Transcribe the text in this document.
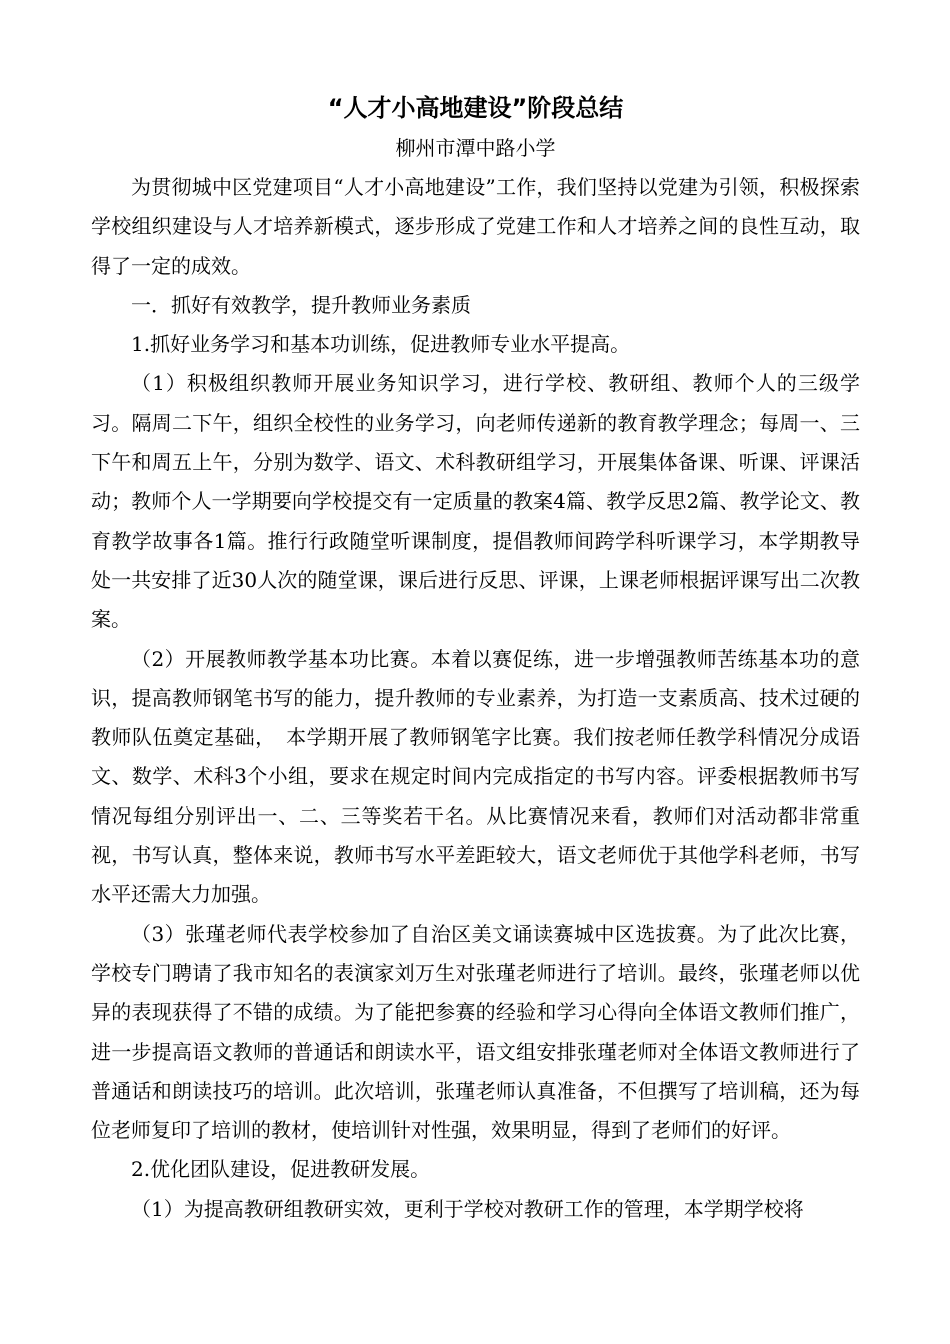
“人才小高地建设”阶段总结

柳州市潭中路小学

为贯彻城中区党建项目“人才小高地建设”工作，我们坚持以党建为引领，积极探索学校组织建设与人才培养新模式，逐步形成了党建工作和人才培养之间的良性互动，取得了一定的成效。

一．抓好有效教学，提升教师业务素质

1.抓好业务学习和基本功训练，促进教师专业水平提高。

（1）积极组织教师开展业务知识学习，进行学校、教研组、教师个人的三级学习。隔周二下午，组织全校性的业务学习，向老师传递新的教育教学理念；每周一、三下午和周五上午，分别为数学、语文、术科教研组学习，开展集体备课、听课、评课活动；教师个人一学期要向学校提交有一定质量的教案4篇、教学反思2篇、教学论文、教育教学故事各1篇。推行行政随堂听课制度，提倡教师间跨学科听课学习，本学期教导处一共安排了近30人次的随堂课，课后进行反思、评课，上课老师根据评课写出二次教案。

（2）开展教师教学基本功比赛。本着以赛促练，进一步增强教师苦练基本功的意识，提高教师钢笔书写的能力，提升教师的专业素养，为打造一支素质高、技术过硬的教师队伍奠定基础，　本学期开展了教师钢笔字比赛。我们按老师任教学科情况分成语文、数学、术科3个小组，要求在规定时间内完成指定的书写内容。评委根据教师书写情况每组分别评出一、二、三等奖若干名。从比赛情况来看，教师们对活动都非常重视，书写认真，整体来说，教师书写水平差距较大，语文老师优于其他学科老师，书写水平还需大力加强。

（3）张瑾老师代表学校参加了自治区美文诵读赛城中区选拔赛。为了此次比赛，学校专门聘请了我市知名的表演家刘万生对张瑾老师进行了培训。最终，张瑾老师以优异的表现获得了不错的成绩。为了能把参赛的经验和学习心得向全体语文教师们推广，进一步提高语文教师的普通话和朗读水平，语文组安排张瑾老师对全体语文教师进行了普通话和朗读技巧的培训。此次培训，张瑾老师认真准备，不但撰写了培训稿，还为每位老师复印了培训的教材，使培训针对性强，效果明显，得到了老师们的好评。

2.优化团队建设，促进教研发展。

（1）为提高教研组教研实效，更利于学校对教研工作的管理，本学期学校将
